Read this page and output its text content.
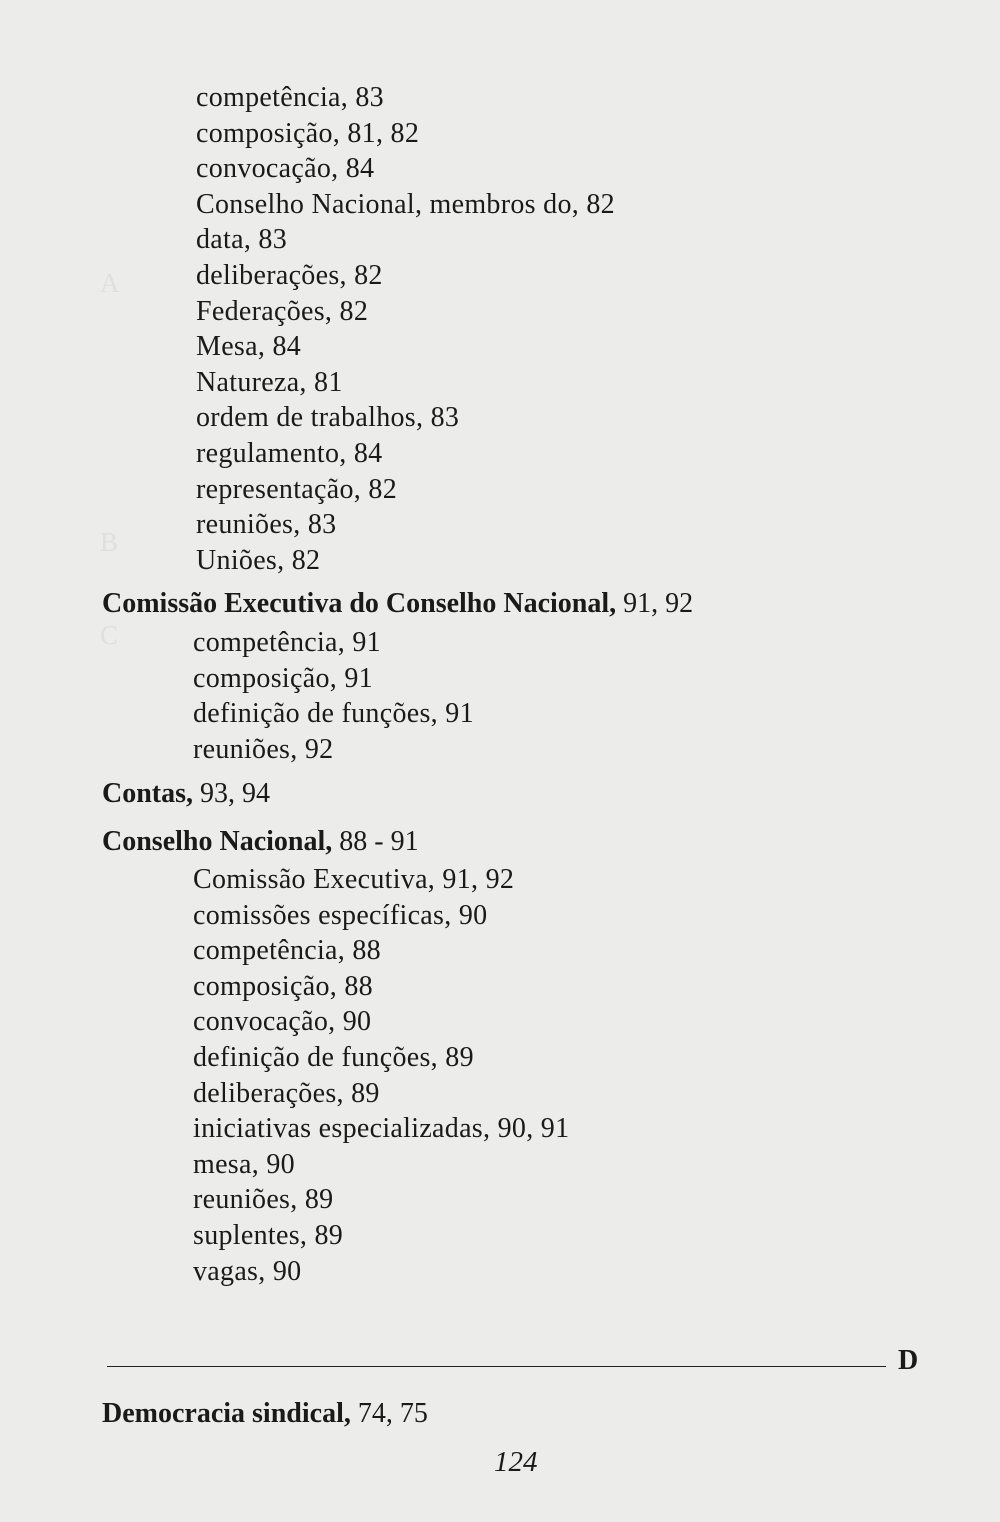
A
B
C
competência, 83
composição, 81, 82
convocação, 84
Conselho Nacional, membros do, 82
data, 83
deliberações, 82
Federações, 82
Mesa, 84
Natureza, 81
ordem de trabalhos, 83
regulamento, 84
representação, 82
reuniões, 83
Uniões, 82
Comissão Executiva do Conselho Nacional, 91, 92
competência, 91
composição, 91
definição de funções, 91
reuniões, 92
Contas, 93, 94
Conselho Nacional, 88 - 91
Comissão Executiva, 91, 92
comissões específicas, 90
competência, 88
composição, 88
convocação, 90
definição de funções, 89
deliberações, 89
iniciativas especializadas, 90, 91
mesa, 90
reuniões, 89
suplentes, 89
vagas, 90
D
Democracia sindical, 74, 75
124
